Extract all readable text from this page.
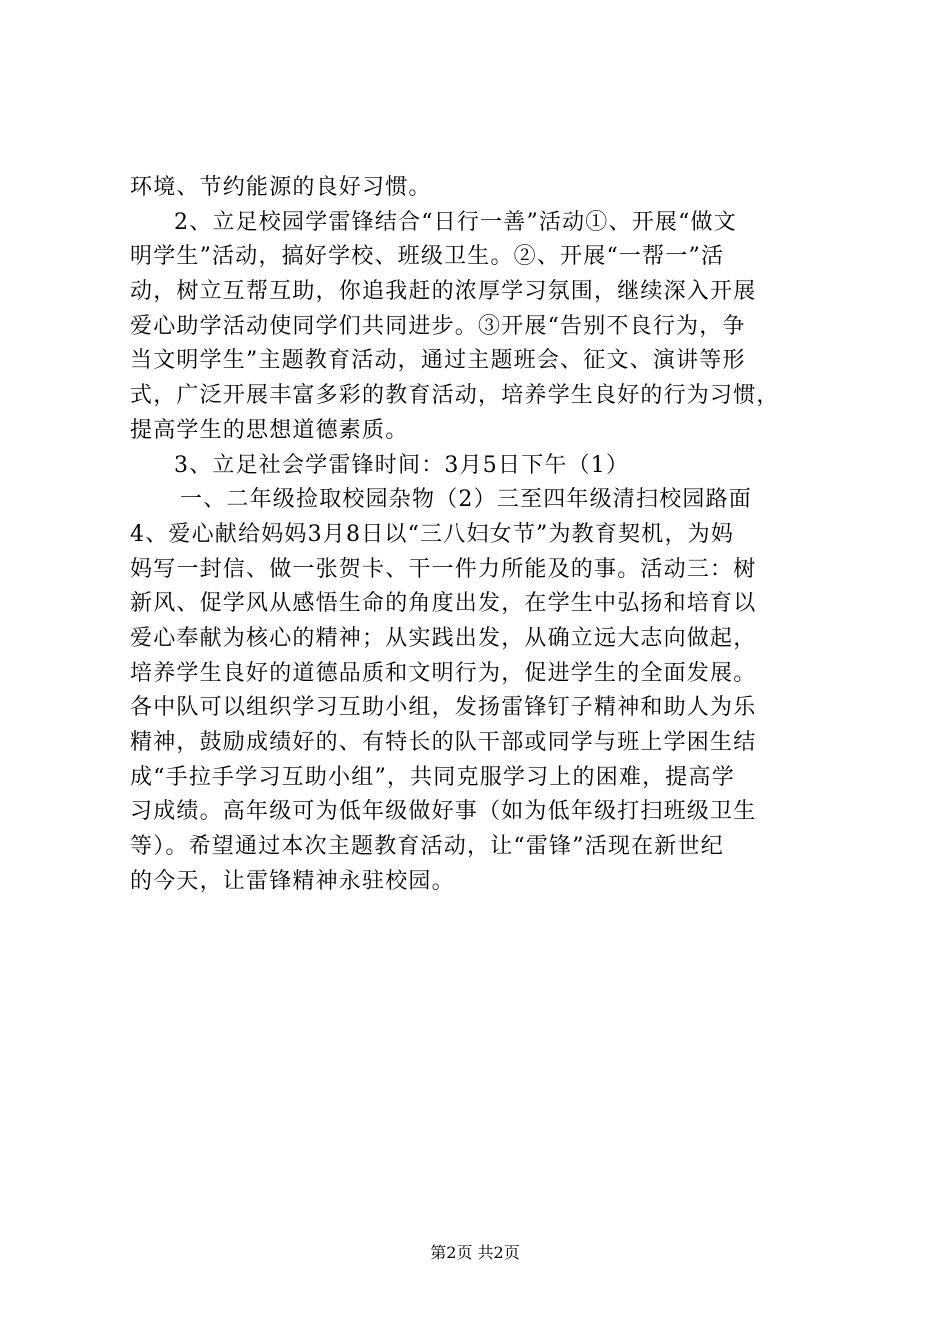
环境、节约能源的良好习惯。
2、立足校园学雷锋结合“日行一善”活动①、开展“做文
明学生”活动，搞好学校、班级卫生。②、开展“一帮一”活
动，树立互帮互助，你追我赶的浓厚学习氛围，继续深入开展
爱心助学活动使同学们共同进步。③开展“告别不良行为，争
当文明学生”主题教育活动，通过主题班会、征文、演讲等形
式，广泛开展丰富多彩的教育活动，培养学生良好的行为习惯，
提高学生的思想道德素质。
3、立足社会学雷锋时间：3月5日下午（1）
一、二年级捡取校园杂物（2）三至四年级清扫校园路面
4、爱心献给妈妈3月8日以“三八妇女节”为教育契机，为妈
妈写一封信、做一张贺卡、干一件力所能及的事。活动三：树
新风、促学风从感悟生命的角度出发，在学生中弘扬和培育以
爱心奉献为核心的精神；从实践出发，从确立远大志向做起，
培养学生良好的道德品质和文明行为，促进学生的全面发展。
各中队可以组织学习互助小组，发扬雷锋钉子精神和助人为乐
精神，鼓励成绩好的、有特长的队干部或同学与班上学困生结
成“手拉手学习互助小组”，共同克服学习上的困难，提高学
习成绩。高年级可为低年级做好事（如为低年级打扫班级卫生
等）。希望通过本次主题教育活动，让“雷锋”活现在新世纪
的今天，让雷锋精神永驻校园。
第2页 共2页
